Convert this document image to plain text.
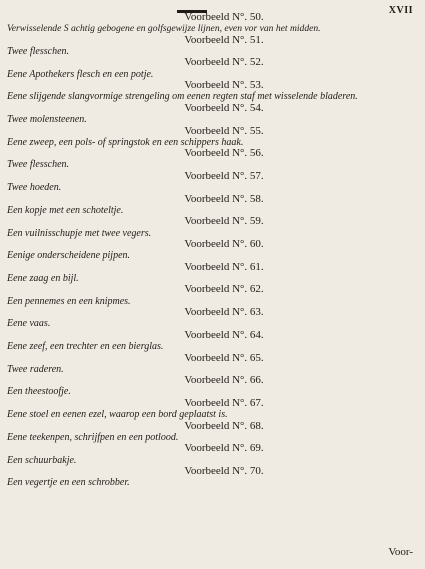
XVII
Voorbeeld N°. 50.
Verwisselende S achtig gebogene en golfsgewijze lijnen, even vor van het midden.
Voorbeeld N°. 51.
Twee flesschen.
Voorbeeld N°. 52.
Eene Apothekers flesch en een potje.
Voorbeeld N°. 53.
Eene slijgende slangvormige strengeling om eenen regten staf met wisselende bladeren.
Voorbeeld N°. 54.
Twee molensteenen.
Voorbeeld N°. 55.
Eene zweep, een pols- of springstok en een schippers haak.
Voorbeeld N°. 56.
Twee flesschen.
Voorbeeld N°. 57.
Twee hoeden.
Voorbeeld N°. 58.
Een kopje met een schoteltje.
Voorbeeld N°. 59.
Een vuilnisschupje met twee vegers.
Voorbeeld N°. 60.
Eenige onderscheidene pijpen.
Voorbeeld N°. 61.
Eene zaag en bijl.
Voorbeeld N°. 62.
Een pennemes en een knipmes.
Voorbeeld N°. 63.
Eene vaas.
Voorbeeld N°. 64.
Eene zeef, een trechter en een bierglas.
Voorbeeld N°. 65.
Twee raderen.
Voorbeeld N°. 66.
Een theestoofje.
Voorbeeld N°. 67.
Eene stoel en eenen ezel, waarop een bord geplaatst is.
Voorbeeld N°. 68.
Eene teekenpen, schrijfpen en een potlood.
Voorbeeld N°. 69.
Een schuurbakje.
Voorbeeld N°. 70.
Een vegertje en een schrobber.
Voor-
